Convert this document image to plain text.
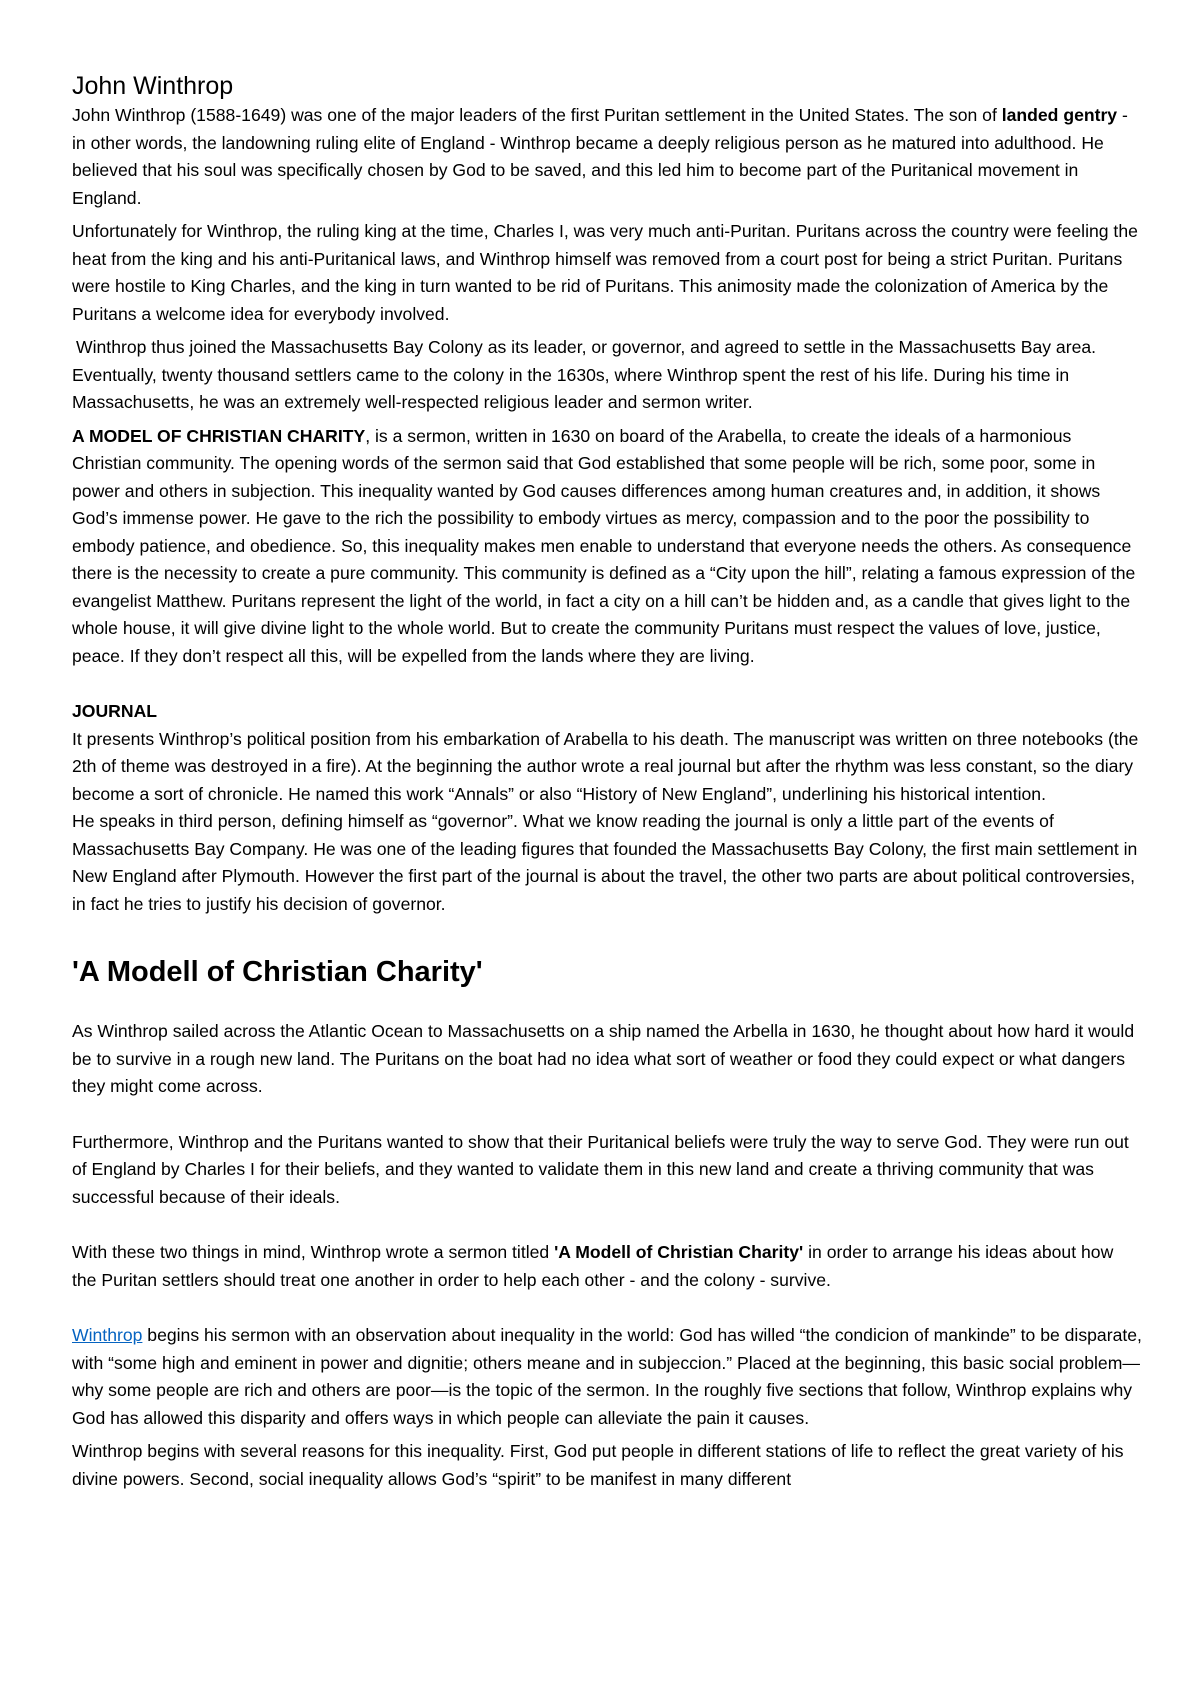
John Winthrop

John Winthrop (1588-1649) was one of the major leaders of the first Puritan settlement in the United States. The son of landed gentry - in other words, the landowning ruling elite of England - Winthrop became a deeply religious person as he matured into adulthood. He believed that his soul was specifically chosen by God to be saved, and this led him to become part of the Puritanical movement in England.

Unfortunately for Winthrop, the ruling king at the time, Charles I, was very much anti-Puritan. Puritans across the country were feeling the heat from the king and his anti-Puritanical laws, and Winthrop himself was removed from a court post for being a strict Puritan. Puritans were hostile to King Charles, and the king in turn wanted to be rid of Puritans. This animosity made the colonization of America by the Puritans a welcome idea for everybody involved.

Winthrop thus joined the Massachusetts Bay Colony as its leader, or governor, and agreed to settle in the Massachusetts Bay area. Eventually, twenty thousand settlers came to the colony in the 1630s, where Winthrop spent the rest of his life. During his time in Massachusetts, he was an extremely well-respected religious leader and sermon writer.

A MODEL OF CHRISTIAN CHARITY, is a sermon, written in 1630 on board of the Arabella, to create the ideals of a harmonious Christian community. The opening words of the sermon said that God established that some people will be rich, some poor, some in power and others in subjection. This inequality wanted by God causes differences among human creatures and, in addition, it shows God’s immense power. He gave to the rich the possibility to embody virtues as mercy, compassion and to the poor the possibility to embody patience, and obedience. So, this inequality makes men enable to understand that everyone needs the others. As consequence there is the necessity to create a pure community. This community is defined as a “City upon the hill”, relating a famous expression of the evangelist Matthew. Puritans represent the light of the world, in fact a city on a hill can’t be hidden and, as a candle that gives light to the whole house, it will give divine light to the whole world. But to create the community Puritans must respect the values of love, justice, peace. If they don’t respect all this, will be expelled from the lands where they are living.

JOURNAL

It presents Winthrop’s political position from his embarkation of Arabella to his death. The manuscript was written on three notebooks (the 2th of theme was destroyed in a fire). At the beginning the author wrote a real journal but after the rhythm was less constant, so the diary become a sort of chronicle. He named this work “Annals” or also “History of New England”, underlining his historical intention.

He speaks in third person, defining himself as “governor”. What we know reading the journal is only a little part of the events of Massachusetts Bay Company. He was one of the leading figures that founded the Massachusetts Bay Colony, the first main settlement in New England after Plymouth. However the first part of the journal is about the travel, the other two parts are about political controversies, in fact he tries to justify his decision of governor.

'A Modell of Christian Charity'

As Winthrop sailed across the Atlantic Ocean to Massachusetts on a ship named the Arbella in 1630, he thought about how hard it would be to survive in a rough new land. The Puritans on the boat had no idea what sort of weather or food they could expect or what dangers they might come across.

Furthermore, Winthrop and the Puritans wanted to show that their Puritanical beliefs were truly the way to serve God. They were run out of England by Charles I for their beliefs, and they wanted to validate them in this new land and create a thriving community that was successful because of their ideals.

With these two things in mind, Winthrop wrote a sermon titled 'A Modell of Christian Charity' in order to arrange his ideas about how the Puritan settlers should treat one another in order to help each other - and the colony - survive.

Winthrop begins his sermon with an observation about inequality in the world: God has willed “the condicion of mankinde” to be disparate, with “some high and eminent in power and dignitie; others meane and in subjeccion.” Placed at the beginning, this basic social problem—why some people are rich and others are poor—is the topic of the sermon. In the roughly five sections that follow, Winthrop explains why God has allowed this disparity and offers ways in which people can alleviate the pain it causes.

Winthrop begins with several reasons for this inequality. First, God put people in different stations of life to reflect the great variety of his divine powers. Second, social inequality allows God’s “spirit” to be manifest in many different
